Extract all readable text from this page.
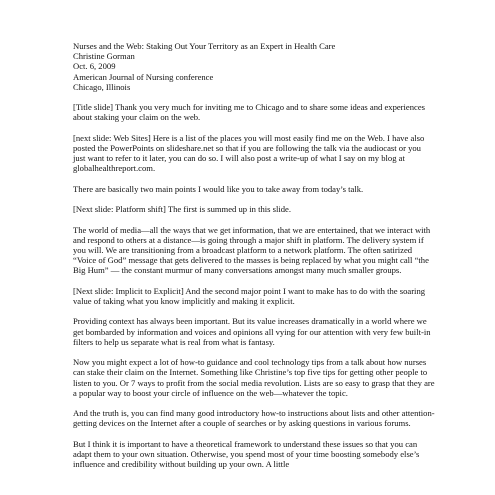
Nurses and the Web: Staking Out Your Territory as an Expert in Health Care
Christine Gorman
Oct. 6, 2009
American Journal of Nursing conference
Chicago, Illinois

[Title slide] Thank you very much for inviting me to Chicago and to share some ideas and experiences about staking your claim on the web.

[next slide: Web Sites] Here is a list of the places you will most easily find me on the Web. I have also posted the PowerPoints on slideshare.net so that if you are following the talk via the audiocast or you just want to refer to it later, you can do so. I will also post a write-up of what I say on my blog at globalhealthreport.com.

There are basically two main points I would like you to take away from today’s talk.

[Next slide: Platform shift] The first is summed up in this slide.

The world of media—all the ways that we get information, that we are entertained, that we interact with and respond to others at a distance—is going through a major shift in platform. The delivery system if you will. We are transitioning from a broadcast platform to a network platform. The often satirized “Voice of God” message that gets delivered to the masses is being replaced by what you might call “the Big Hum” — the constant murmur of many conversations amongst many much smaller groups.

[Next slide: Implicit to Explicit] And the second major point I want to make has to do with the soaring value of taking what you know implicitly and making it explicit.

Providing context has always been important. But its value increases dramatically in a world where we get bombarded by information and voices and opinions all vying for our attention with very few built-in filters to help us separate what is real from what is fantasy.

Now you might expect a lot of how-to guidance and cool technology tips from a talk about how nurses can stake their claim on the Internet. Something like Christine’s top five tips for getting other people to listen to you. Or 7 ways to profit from the social media revolution. Lists are so easy to grasp that they are a popular way to boost your circle of influence on the web—whatever the topic.

And the truth is, you can find many good introductory how-to instructions about lists and other attention-getting devices on the Internet after a couple of searches or by asking questions in various forums.

But I think it is important to have a theoretical framework to understand these issues so that you can adapt them to your own situation. Otherwise, you spend most of your time boosting somebody else’s influence and credibility without building up your own. A little
